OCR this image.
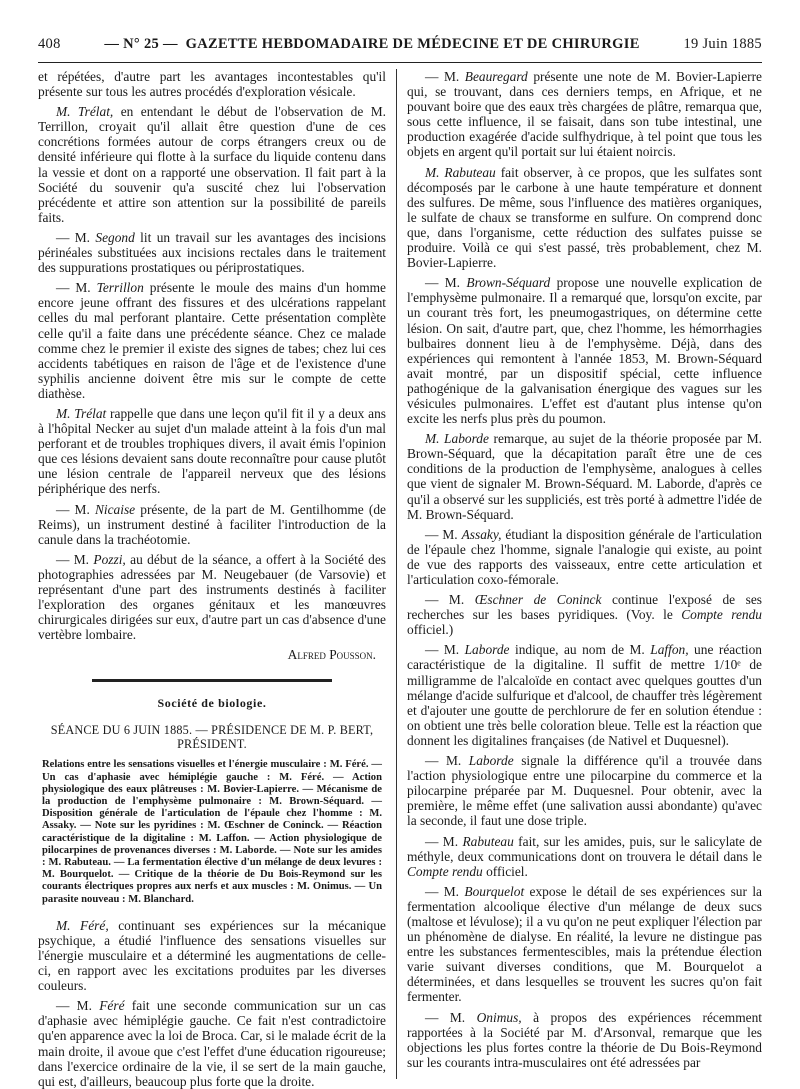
408	— N° 25 — GAZETTE HEBDOMADAIRE DE MÉDECINE ET DE CHIRURGIE	19 Juin 1885

et répétées, d'autre part les avantages incontestables qu'il présente sur tous les autres procédés d'exploration vésicale.

M. Trélat, en entendant le début de l'observation de M. Terrillon, croyait qu'il allait être question d'une de ces concrétions formées autour de corps étrangers creux ou de densité inférieure qui flotte à la surface du liquide contenu dans la vessie et dont on a rapporté une observation. Il fait part à la Société du souvenir qu'a suscité chez lui l'observation précédente et attire son attention sur la possibilité de pareils faits.

— M. Segond lit un travail sur les avantages des incisions périnéales substituées aux incisions rectales dans le traitement des suppurations prostatiques ou périprostatiques.

— M. Terrillon présente le moule des mains d'un homme encore jeune offrant des fissures et des ulcérations rappelant celles du mal perforant plantaire. Cette présentation complète celle qu'il a faite dans une précédente séance. Chez ce malade comme chez le premier il existe des signes de tabes; chez lui ces accidents tabétiques en raison de l'âge et de l'existence d'une syphilis ancienne doivent être mis sur le compte de cette diathèse.

M. Trélat rappelle que dans une leçon qu'il fit il y a deux ans à l'hôpital Necker au sujet d'un malade atteint à la fois d'un mal perforant et de troubles trophiques divers, il avait émis l'opinion que ces lésions devaient sans doute reconnaître pour cause plutôt une lésion centrale de l'appareil nerveux que des lésions périphérique des nerfs.

— M. Nicaise présente, de la part de M. Gentilhomme (de Reims), un instrument destiné à faciliter l'introduction de la canule dans la trachéotomie.

— M. Pozzi, au début de la séance, a offert à la Société des photographies adressées par M. Neugebauer (de Varsovie) et représentant d'une part des instruments destinés à faciliter l'exploration des organes génitaux et les manœuvres chirurgicales dirigées sur eux, d'autre part un cas d'absence d'une vertèbre lombaire.

Alfred Pousson.
Société de biologie.
SÉANCE DU 6 JUIN 1885. — PRÉSIDENCE DE M. P. BERT, PRÉSIDENT.
Relations entre les sensations visuelles et l'énergie musculaire : M. Féré. — Un cas d'aphasie avec hémiplégie gauche : M. Féré. — Action physiologique des eaux plâtreuses : M. Bovier-Lapierre. — Mécanisme de la production de l'emphysème pulmonaire : M. Brown-Séquard. — Disposition générale de l'articulation de l'épaule chez l'homme : M. Assaky. — Note sur les pyridines : M. Œschner de Coninck. — Réaction caractéristique de la digitaline : M. Laffon. — Action physiologique de pilocarpines de provenances diverses : M. Laborde. — Note sur les amides : M. Rabuteau. — La fermentation élective d'un mélange de deux levures : M. Bourquelot. — Critique de la théorie de Du Bois-Reymond sur les courants électriques propres aux nerfs et aux muscles : M. Onimus. — Un parasite nouveau : M. Blanchard.

M. Féré, continuant ses expériences sur la mécanique psychique, a étudié l'influence des sensations visuelles sur l'énergie musculaire et a déterminé les augmentations de celle-ci, en rapport avec les excitations produites par les diverses couleurs.

— M. Féré fait une seconde communication sur un cas d'aphasie avec hémiplégie gauche. Ce fait n'est contradictoire qu'en apparence avec la loi de Broca. Car, si le malade écrit de la main droite, il avoue que c'est l'effet d'une éducation rigoureuse; dans l'exercice ordinaire de la vie, il se sert de la main gauche, qui est, d'ailleurs, beaucoup plus forte que la droite.

— M. Beauregard présente une note de M. Bovier-Lapierre qui, se trouvant, dans ces derniers temps, en Afrique, et ne pouvant boire que des eaux très chargées de plâtre, remarqua que, sous cette influence, il se faisait, dans son tube intestinal, une production exagérée d'acide sulfhydrique, à tel point que tous les objets en argent qu'il portait sur lui étaient noircis.

M. Rabuteau fait observer, à ce propos, que les sulfates sont décomposés par le carbone à une haute température et donnent des sulfures. De même, sous l'influence des matières organiques, le sulfate de chaux se transforme en sulfure. On comprend donc que, dans l'organisme, cette réduction des sulfates puisse se produire. Voilà ce qui s'est passé, très probablement, chez M. Bovier-Lapierre.

— M. Brown-Séquard propose une nouvelle explication de l'emphysème pulmonaire. Il a remarqué que, lorsqu'on excite, par un courant très fort, les pneumogastriques, on détermine cette lésion. On sait, d'autre part, que, chez l'homme, les hémorrhagies bulbaires donnent lieu à de l'emphysème. Déjà, dans des expériences qui remontent à l'année 1853, M. Brown-Séquard avait montré, par un dispositif spécial, cette influence pathogénique de la galvanisation énergique des vagues sur les vésicules pulmonaires. L'effet est d'autant plus intense qu'on excite les nerfs plus près du poumon.

M. Laborde remarque, au sujet de la théorie proposée par M. Brown-Séquard, que la décapitation paraît être une de ces conditions de la production de l'emphysème, analogues à celles que vient de signaler M. Brown-Séquard. M. Laborde, d'après ce qu'il a observé sur les suppliciés, est très porté à admettre l'idée de M. Brown-Séquard.

— M. Assaky, étudiant la disposition générale de l'articulation de l'épaule chez l'homme, signale l'analogie qui existe, au point de vue des rapports des vaisseaux, entre cette articulation et l'articulation coxo-fémorale.

— M. Œschner de Coninck continue l'exposé de ses recherches sur les bases pyridiques. (Voy. le Compte rendu officiel.)

— M. Laborde indique, au nom de M. Laffon, une réaction caractéristique de la digitaline. Il suffit de mettre 1/10ᵉ de milligramme de l'alcaloïde en contact avec quelques gouttes d'un mélange d'acide sulfurique et d'alcool, de chauffer très légèrement et d'ajouter une goutte de perchlorure de fer en solution étendue : on obtient une très belle coloration bleue. Telle est la réaction que donnent les digitalines françaises (de Nativel et Duquesnel).

— M. Laborde signale la différence qu'il a trouvée dans l'action physiologique entre une pilocarpine du commerce et la pilocarpine préparée par M. Duquesnel. Pour obtenir, avec la première, le même effet (une salivation aussi abondante) qu'avec la seconde, il faut une dose triple.

— M. Rabuteau fait, sur les amides, puis, sur le salicylate de méthyle, deux communications dont on trouvera le détail dans le Compte rendu officiel.

— M. Bourquelot expose le détail de ses expériences sur la fermentation alcoolique élective d'un mélange de deux sucs (maltose et lévulose); il a vu qu'on ne peut expliquer l'élection par un phénomène de dialyse. En réalité, la levure ne distingue pas entre les substances fermentescibles, mais la prétendue élection varie suivant diverses conditions, que M. Bourquelot a déterminées, et dans lesquelles se trouvent les sucres qu'on fait fermenter.

— M. Onimus, à propos des expériences récemment rapportées à la Société par M. d'Arsonval, remarque que les objections les plus fortes contre la théorie de Du Bois-Reymond sur les courants intra-musculaires ont été adressées par
